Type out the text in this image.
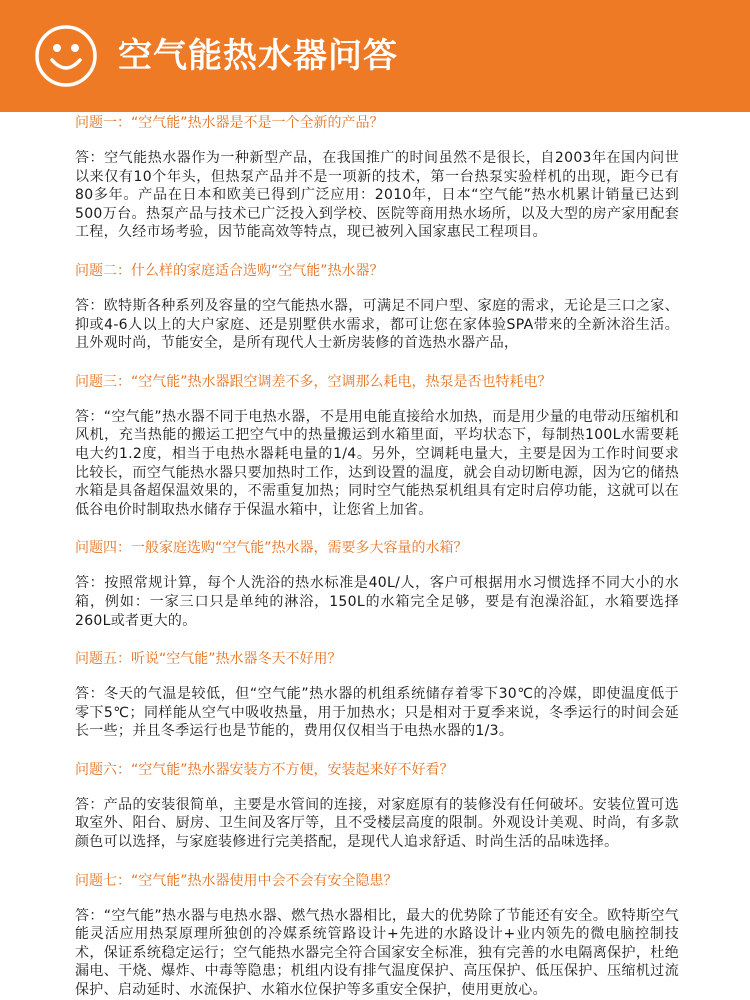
空气能热水器问答

问题一：“空气能”热水器是不是一个全新的产品？

答：空气能热水器作为一种新型产品，在我国推广的时间虽然不是很长，自2003年在国内问世以来仅有10个年头，但热泵产品并不是一项新的技术，第一台热泵实验样机的出现，距今已有80多年。产品在日本和欧美已得到广泛应用：2010年，日本“空气能”热水机累计销量已达到500万台。热泵产品与技术已广泛投入到学校、医院等商用热水场所，以及大型的房产家用配套工程，久经市场考验，因节能高效等特点，现已被列入国家惠民工程项目。

问题二：什么样的家庭适合选购“空气能”热水器？

答：欧特斯各种系列及容量的空气能热水器，可满足不同户型、家庭的需求，无论是三口之家、抑或4-6人以上的大户家庭、还是别墅供水需求，都可让您在家体验SPA带来的全新沐浴生活。且外观时尚，节能安全，是所有现代人士新房装修的首选热水器产品，

问题三：“空气能”热水器跟空调差不多，空调那么耗电，热泵是否也特耗电？

答：“空气能”热水器不同于电热水器，不是用电能直接给水加热，而是用少量的电带动压缩机和风机，充当热能的搬运工把空气中的热量搬运到水箱里面，平均状态下，每制热100L水需要耗电大约1.2度，相当于电热水器耗电量的1/4。另外，空调耗电量大，主要是因为工作时间要求比较长，而空气能热水器只要加热时工作，达到设置的温度，就会自动切断电源，因为它的储热水箱是具备超保温效果的，不需重复加热；同时空气能热泵机组具有定时启停功能，这就可以在低谷电价时制取热水储存于保温水箱中，让您省上加省。

问题四：一般家庭选购“空气能”热水器，需要多大容量的水箱？

答：按照常规计算，每个人洗浴的热水标准是40L/人，客户可根据用水习惯选择不同大小的水箱，例如：一家三口只是单纯的淋浴，150L的水箱完全足够，要是有泡澡浴缸，水箱要选择260L或者更大的。

问题五：听说“空气能”热水器冬天不好用？

答：冬天的气温是较低，但“空气能”热水器的机组系统储存着零下30℃的冷媒，即使温度低于零下5℃；同样能从空气中吸收热量，用于加热水；只是相对于夏季来说，冬季运行的时间会延长一些；并且冬季运行也是节能的，费用仅仅相当于电热水器的1/3。

问题六：“空气能”热水器安装方不方便，安装起来好不好看？

答：产品的安装很简单，主要是水管间的连接，对家庭原有的装修没有任何破坏。安装位置可选取室外、阳台、厨房、卫生间及客厅等，且不受楼层高度的限制。外观设计美观、时尚，有多款颜色可以选择，与家庭装修进行完美搭配，是现代人追求舒适、时尚生活的品味选择。

问题七：“空气能”热水器使用中会不会有安全隐患？

答：“空气能”热水器与电热水器、燃气热水器相比，最大的优势除了节能还有安全。欧特斯空气能灵活应用热泵原理所独创的冷媒系统管路设计+先进的水路设计+业内领先的微电脑控制技术，保证系统稳定运行；空气能热水器完全符合国家安全标准，独有完善的水电隔离保护，杜绝漏电、干烧、爆炸、中毒等隐患；机组内设有排气温度保护、高压保护、低压保护、压缩机过流保护、启动延时、水流保护、水箱水位保护等多重安全保护，使用更放心。
